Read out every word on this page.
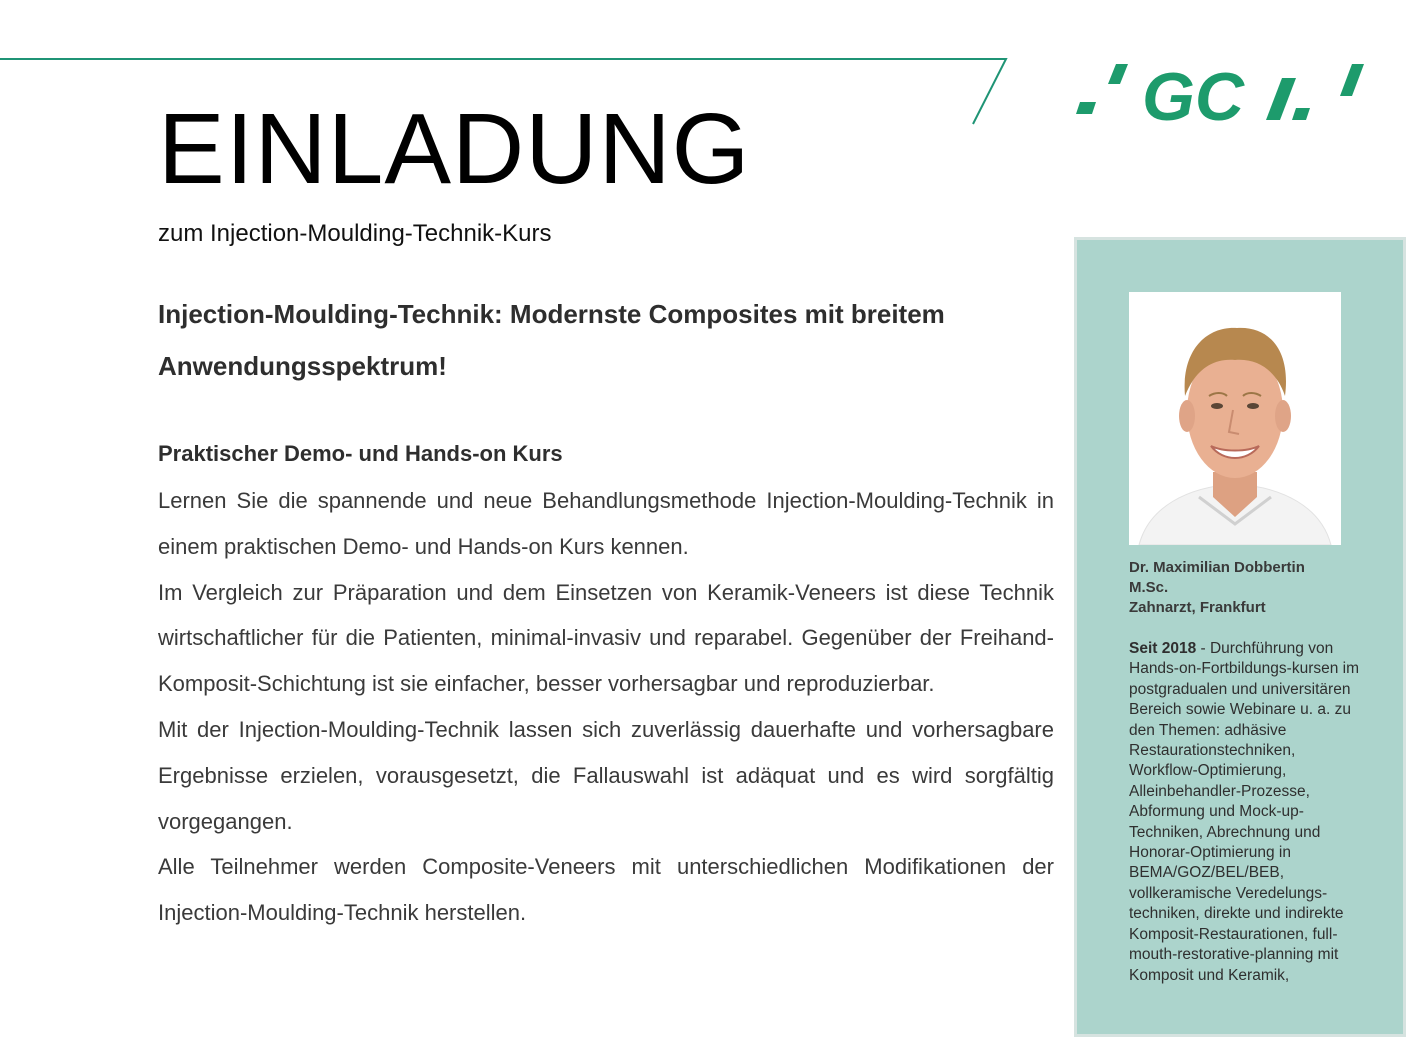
GC
EINLADUNG
zum Injection-Moulding-Technik-Kurs
Injection-Moulding-Technik: Modernste Composites mit breitem Anwendungsspektrum!
Praktischer Demo- und Hands-on Kurs

Lernen Sie die spannende und neue Behandlungsmethode Injection-Moulding-Technik in einem praktischen Demo- und Hands-on Kurs kennen.

Im Vergleich zur Präparation und dem Einsetzen von Keramik-Veneers ist diese Technik wirtschaftlicher für die Patienten, minimal-invasiv und reparabel. Gegenüber der Freihand-Komposit-Schichtung ist sie einfacher, besser vorhersagbar und reproduzierbar.

Mit der Injection-Moulding-Technik lassen sich zuverlässig dauerhafte und vorhersagbare Ergebnisse erzielen, vorausgesetzt, die Fallauswahl ist adäquat und es wird sorgfältig vorgegangen.

Alle Teilnehmer werden Composite-Veneers mit unterschiedlichen Modifikationen der Injection-Moulding-Technik herstellen.

Dr. Maximilian Dobbertin
M.Sc.
Zahnarzt, Frankfurt
Seit 2018 - Durchführung von Hands-on-Fortbildungs-kursen im postgradualen und universitären Bereich sowie Webinare u. a. zu den Themen: adhäsive Restaurationstechniken, Workflow-Optimierung, Alleinbehandler-Prozesse, Abformung und Mock-up-Techniken, Abrechnung und Honorar-Optimierung in BEMA/GOZ/BEL/BEB, vollkeramische Veredelungs-techniken, direkte und indirekte Komposit-Restaurationen, full-mouth-restorative-planning mit Komposit und Keramik,
